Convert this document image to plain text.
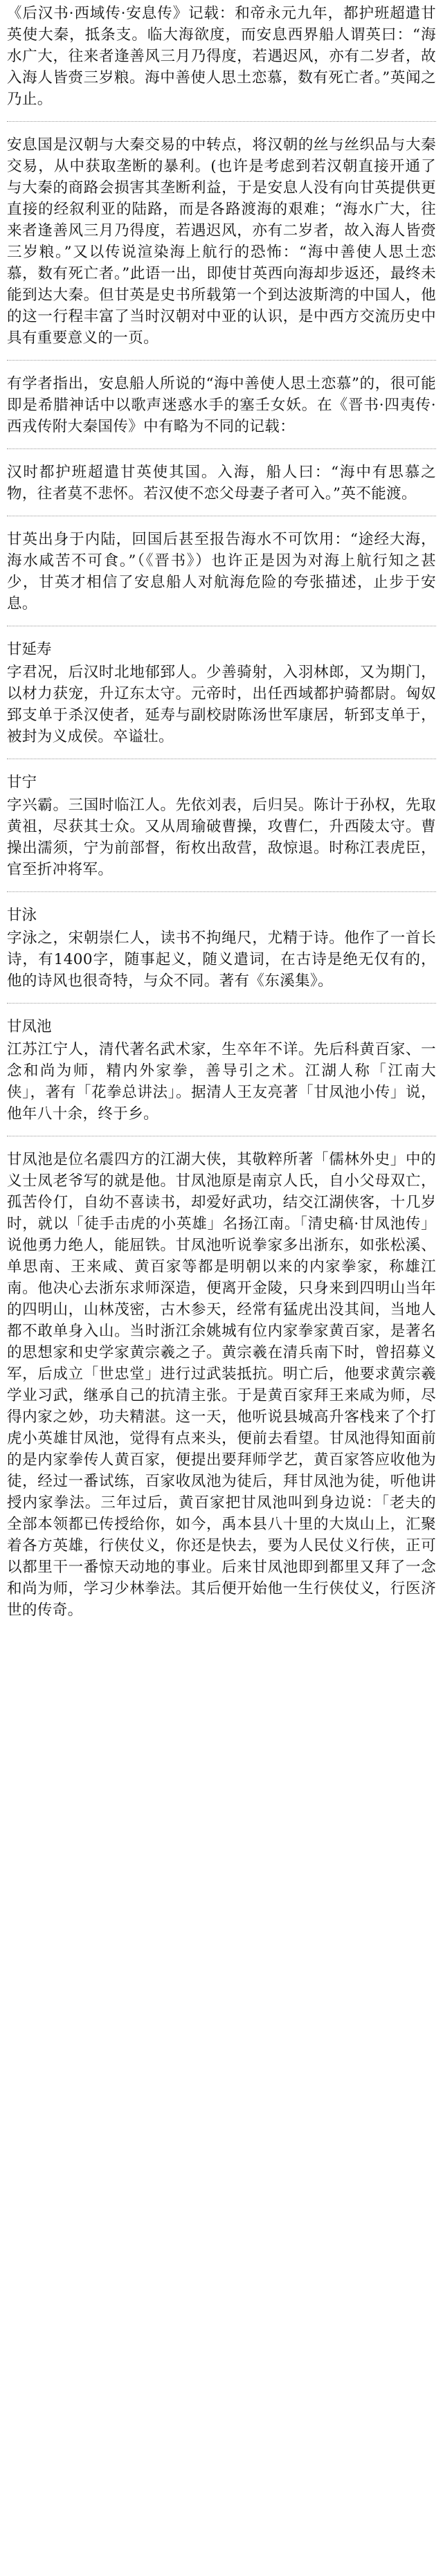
《后汉书·西域传·安息传》记载：和帝永元九年，都护班超遣甘英使大秦，抵条支。临大海欲度，而安息西界船人谓英曰：“海水广大，往来者逢善风三月乃得度，若遇迟风，亦有二岁者，故入海人皆赍三岁粮。海中善使人思土恋慕，数有死亡者。”英闻之乃止。

安息国是汉朝与大秦交易的中转点，将汉朝的丝与丝织品与大秦交易，从中获取垄断的暴利。(也许是考虑到若汉朝直接开通了与大秦的商路会损害其垄断利益，于是安息人没有向甘英提供更直接的经叙利亚的陆路，而是各路渡海的艰难；“海水广大，往来者逢善风三月乃得度，若遇迟风，亦有二岁者，故入海人皆赍三岁粮。”又以传说渲染海上航行的恐怖：“海中善使人思土恋慕，数有死亡者。”此语一出，即使甘英西向海却步返还，最终未能到达大秦。但甘英是史书所载第一个到达波斯湾的中国人，他的这一行程丰富了当时汉朝对中亚的认识，是中西方交流历史中具有重要意义的一页。

有学者指出，安息船人所说的“海中善使人思土恋慕”的，很可能即是希腊神话中以歌声迷惑水手的塞壬女妖。在《晋书·四夷传·西戎传附大秦国传》中有略为不同的记载：

汉时都护班超遣甘英使其国。入海，船人曰：“海中有思慕之物，往者莫不悲怀。若汉使不恋父母妻子者可入。”英不能渡。

甘英出身于内陆，回国后甚至报告海水不可饮用：“途经大海，海水咸苦不可食。”（《晋书》）也许正是因为对海上航行知之甚少，甘英才相信了安息船人对航海危险的夸张描述，止步于安息。

甘延寿

字君况，后汉时北地郁郅人。少善骑射，入羽林郎，又为期门，以材力获宠，升辽东太守。元帝时，出任西域都护骑都尉。匈奴郅支单于杀汉使者，延寿与副校尉陈汤世军康居，斩郅支单于，被封为义成侯。卒谥壮。

甘宁

字兴霸。三国时临江人。先依刘表，后归吴。陈计于孙权，先取黄祖，尽获其士众。又从周瑜破曹操，攻曹仁，升西陵太守。曹操出濡须，宁为前部督，衔枚出敌营，敌惊退。时称江表虎臣，官至折冲将军。

甘泳

字泳之，宋朝崇仁人，读书不拘绳尺，尤精于诗。他作了一首长诗，有1400字，随事起义，随义遣词，在古诗是绝无仅有的，他的诗风也很奇特，与众不同。著有《东溪集》。

甘凤池

江苏江宁人，清代著名武术家，生卒年不详。先后科黄百家、一念和尚为师，精内外家拳，善导引之术。江湖人称「江南大侠」，著有「花拳总讲法」。据清人王友亮著「甘凤池小传」说，他年八十余，终于乡。

甘凤池是位名震四方的江湖大侠，其敬粹所著「儒林外史」中的义士凤老爷写的就是他。甘凤池原是南京人氏，自小父母双亡，孤苦伶仃，自幼不喜读书，却爱好武功，结交江湖侠客，十几岁时，就以「徒手击虎的小英雄」名扬江南。「清史稿·甘凤池传」说他勇力绝人，能屈铁。甘凤池听说拳家多出浙东，如张松溪、单思南、王来咸、黄百家等都是明朝以来的内家拳家，称雄江南。他决心去浙东求师深造，便离开金陵，只身来到四明山当年的四明山，山林茂密，古木参天，经常有猛虎出没其间，当地人都不敢单身入山。当时浙江余姚城有位内家拳家黄百家，是著名的思想家和史学家黄宗羲之子。黄宗羲在清兵南下时，曾招募义军，后成立「世忠堂」进行过武装抵抗。明亡后，他要求黄宗羲学业习武，继承自己的抗清主张。于是黄百家拜王来咸为师，尽得内家之妙，功夫精湛。这一天，他听说县城高升客栈来了个打虎小英雄甘凤池，觉得有点来头，便前去看望。甘凤池得知面前的是内家拳传人黄百家，便提出要拜师学艺，黄百家答应收他为徒，经过一番试练，百家收凤池为徒后，拜甘凤池为徒，听他讲授内家拳法。三年过后，黄百家把甘凤池叫到身边说：「老夫的全部本领都已传授给你，如今，禹本县八十里的大岚山上，汇聚着各方英雄，行侠仗义，你还是快去，要为人民仗义行侠，正可以都里干一番惊天动地的事业。后来甘凤池即到都里又拜了一念和尚为师，学习少林拳法。其后便开始他一生行侠仗义，行医济世的传奇。
